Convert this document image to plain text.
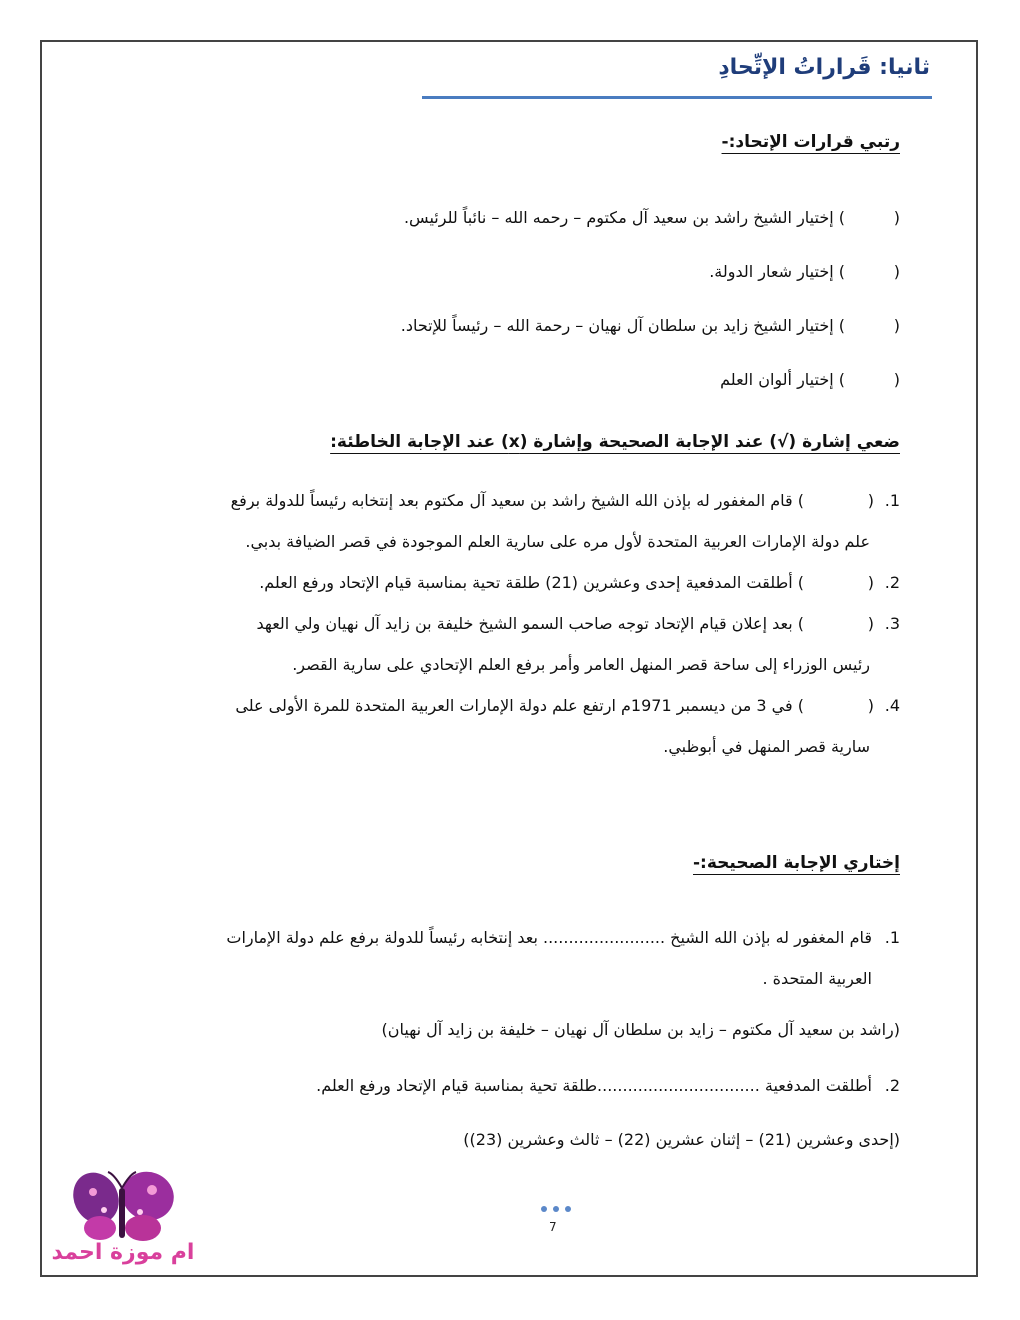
ثانيا: قَراراتُ الإتِّحادِ
رتبي قرارات الإتحاد:-
() إختيار الشيخ راشد بن سعيد آل مكتوم – رحمه الله – نائباً للرئيس.
() إختيار شعار الدولة.
() إختيار الشيخ زايد بن سلطان آل نهيان – رحمة الله – رئيساً للإتحاد.
() إختيار ألوان العلم
ضعي إشارة (√) عند الإجابة الصحيحة وإشارة (x) عند الإجابة الخاطئة:
1.() قام المغفور له بإذن الله الشيخ راشد بن سعيد آل مكتوم بعد إنتخابه رئيساً للدولة برفع
علم دولة الإمارات العربية المتحدة لأول مره على سارية العلم الموجودة في قصر الضيافة بدبي.
2.() أطلقت المدفعية إحدى وعشرين (21) طلقة تحية بمناسبة قيام الإتحاد ورفع العلم.
3.() بعد إعلان قيام الإتحاد توجه صاحب السمو الشيخ خليفة بن زايد آل نهيان ولي العهد
رئيس الوزراء إلى ساحة قصر المنهل العامر وأمر برفع العلم الإتحادي على سارية القصر.
4.() في 3 من ديسمبر 1971م ارتفع علم دولة الإمارات العربية المتحدة للمرة الأولى على
سارية قصر المنهل في أبوظبي.
إختاري الإجابة الصحيحة:-
1.قام المغفور له بإذن الله الشيخ ........................ بعد إنتخابه رئيساً للدولة برفع علم دولة الإمارات
العربية المتحدة .
(راشد بن سعيد آل مكتوم – زايد بن سلطان آل نهيان – خليفة بن زايد آل نهيان)
2.أطلقت المدفعية ................................طلقة تحية بمناسبة قيام الإتحاد ورفع العلم.
(إحدى وعشرين (21) – إثنان عشرين (22) – ثالث وعشرين (23))
7
ام موزة احمد
